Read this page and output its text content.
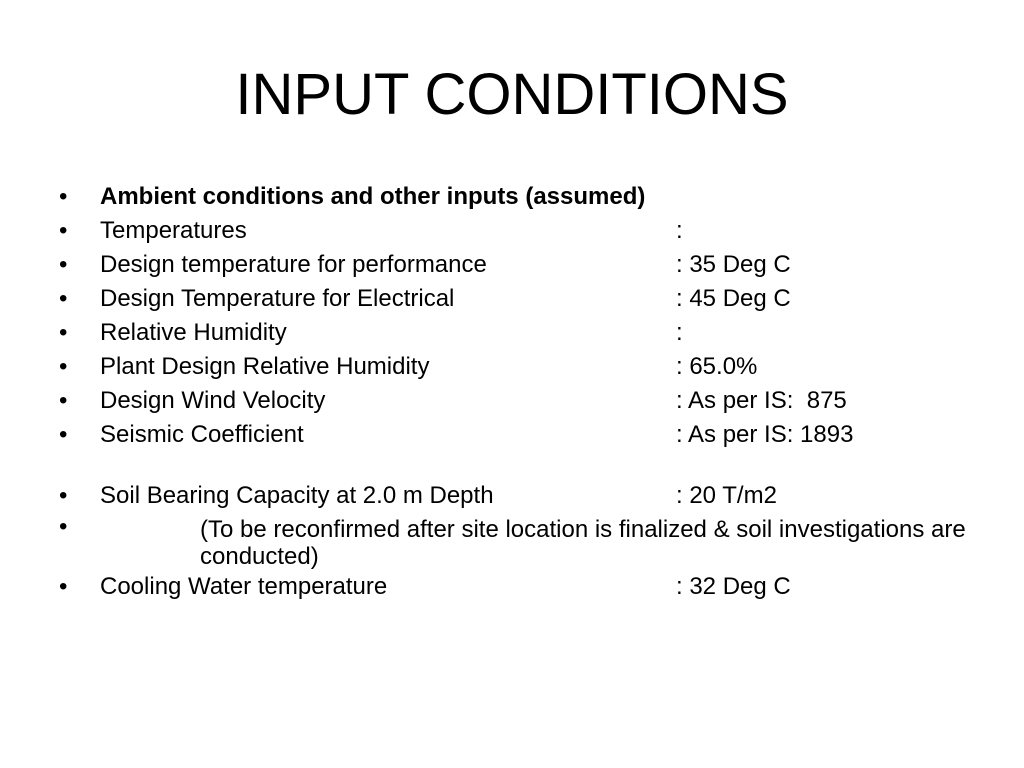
INPUT CONDITIONS
• Ambient conditions and other inputs (assumed)
• Temperatures	:
• Design temperature for performance	: 35 Deg C
• Design Temperature for Electrical	: 45 Deg C
• Relative Humidity	:
• Plant Design Relative Humidity	: 65.0%
• Design Wind Velocity	: As per IS:  875
• Seismic Coefficient	: As per IS: 1893
• Soil Bearing Capacity at 2.0 m Depth	: 20 T/m2
•	(To be reconfirmed after site location is finalized & soil investigations are conducted)
• Cooling Water temperature	: 32 Deg C
